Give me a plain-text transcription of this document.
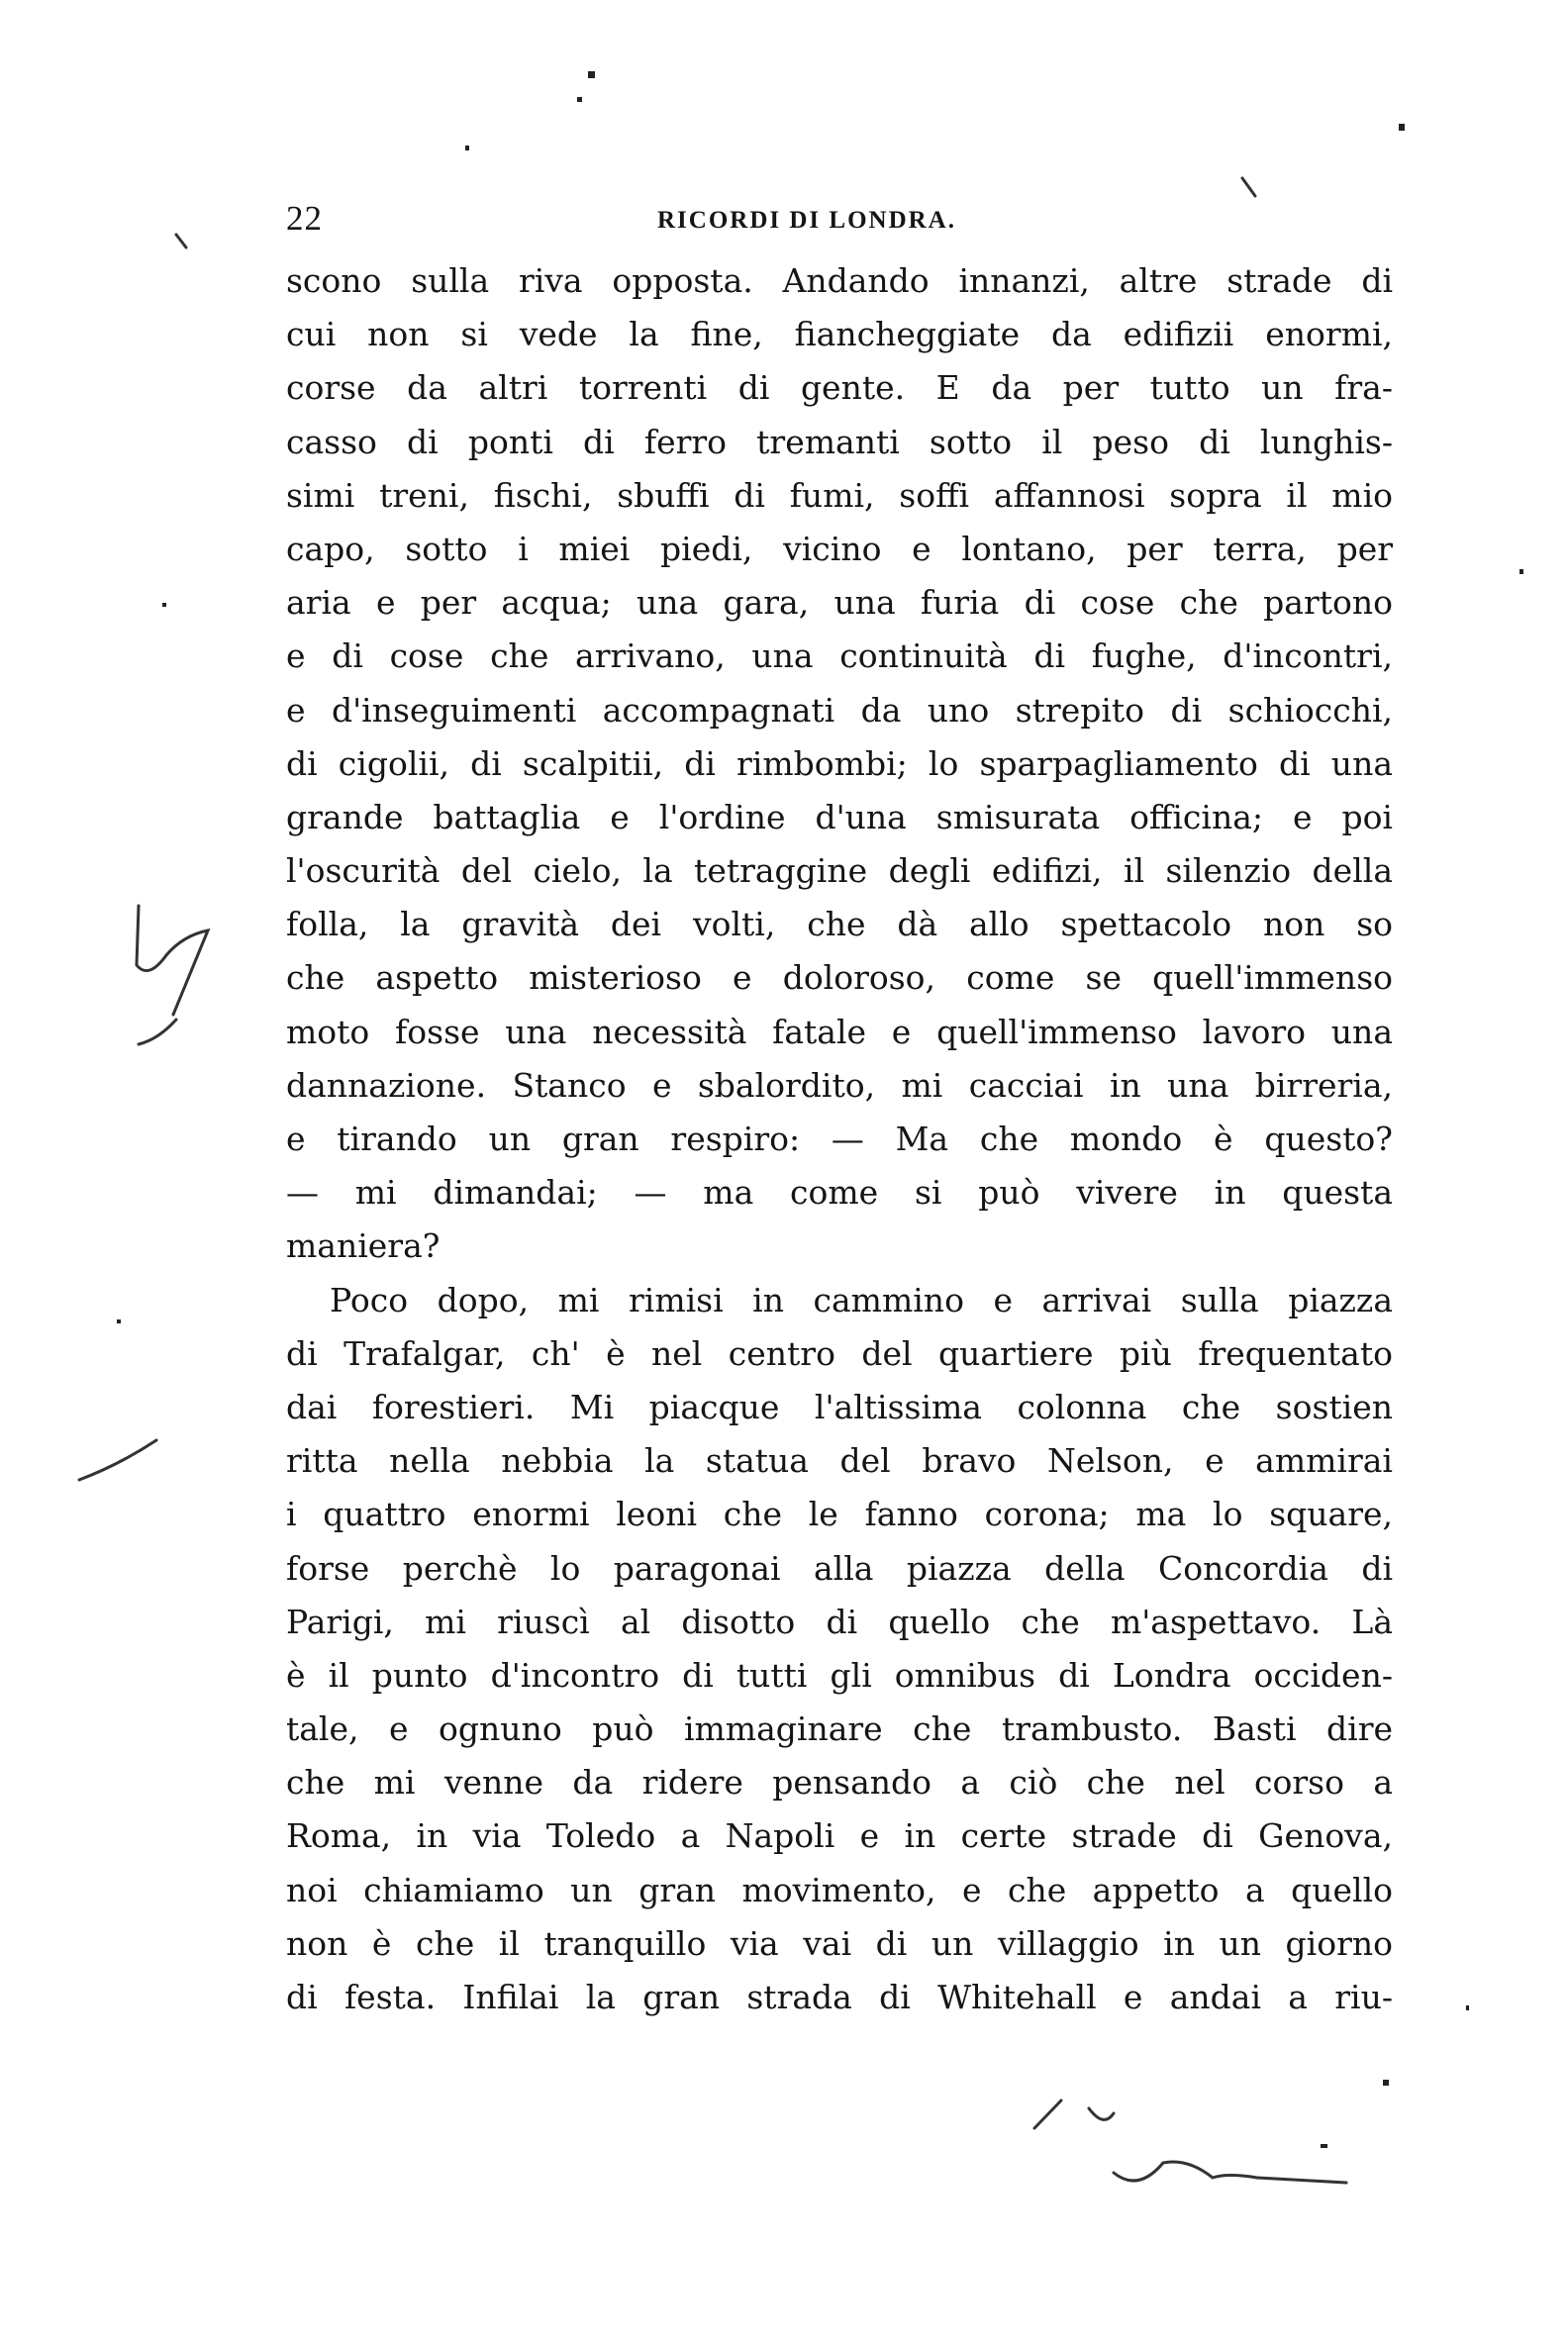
22	RICORDI DI LONDRA.
scono sulla riva opposta. Andando innanzi, altre strade di
cui non si vede la fine, fiancheggiate da edifizii enormi,
corse da altri torrenti di gente. E da per tutto un fra-
casso di ponti di ferro tremanti sotto il peso di lunghis-
simi treni, fischi, sbuffi di fumi, soffi affannosi sopra il mio
capo, sotto i miei piedi, vicino e lontano, per terra, per
aria e per acqua; una gara, una furia di cose che partono
e di cose che arrivano, una continuità di fughe, d'incontri,
e d'inseguimenti accompagnati da uno strepito di schiocchi,
di cigolii, di scalpitii, di rimbombi; lo sparpagliamento di una
grande battaglia e l'ordine d'una smisurata officina; e poi
l'oscurità del cielo, la tetraggine degli edifizi, il silenzio della
folla, la gravità dei volti, che dà allo spettacolo non so
che aspetto misterioso e doloroso, come se quell'immenso
moto fosse una necessità fatale e quell'immenso lavoro una
dannazione. Stanco e sbalordito, mi cacciai in una birreria,
e tirando un gran respiro: — Ma che mondo è questo?
— mi dimandai; — ma come si può vivere in questa
maniera?
Poco dopo, mi rimisi in cammino e arrivai sulla piazza
di Trafalgar, ch' è nel centro del quartiere più frequentato
dai forestieri. Mi piacque l'altissima colonna che sostien
ritta nella nebbia la statua del bravo Nelson, e ammirai
i quattro enormi leoni che le fanno corona; ma lo square,
forse perchè lo paragonai alla piazza della Concordia di
Parigi, mi riuscì al disotto di quello che m'aspettavo. Là
è il punto d'incontro di tutti gli omnibus di Londra occiden-
tale, e ognuno può immaginare che trambusto. Basti dire
che mi venne da ridere pensando a ciò che nel corso a
Roma, in via Toledo a Napoli e in certe strade di Genova,
noi chiamiamo un gran movimento, e che appetto a quello
non è che il tranquillo via vai di un villaggio in un giorno
di festa. Infilai la gran strada di Whitehall e andai a riu-
